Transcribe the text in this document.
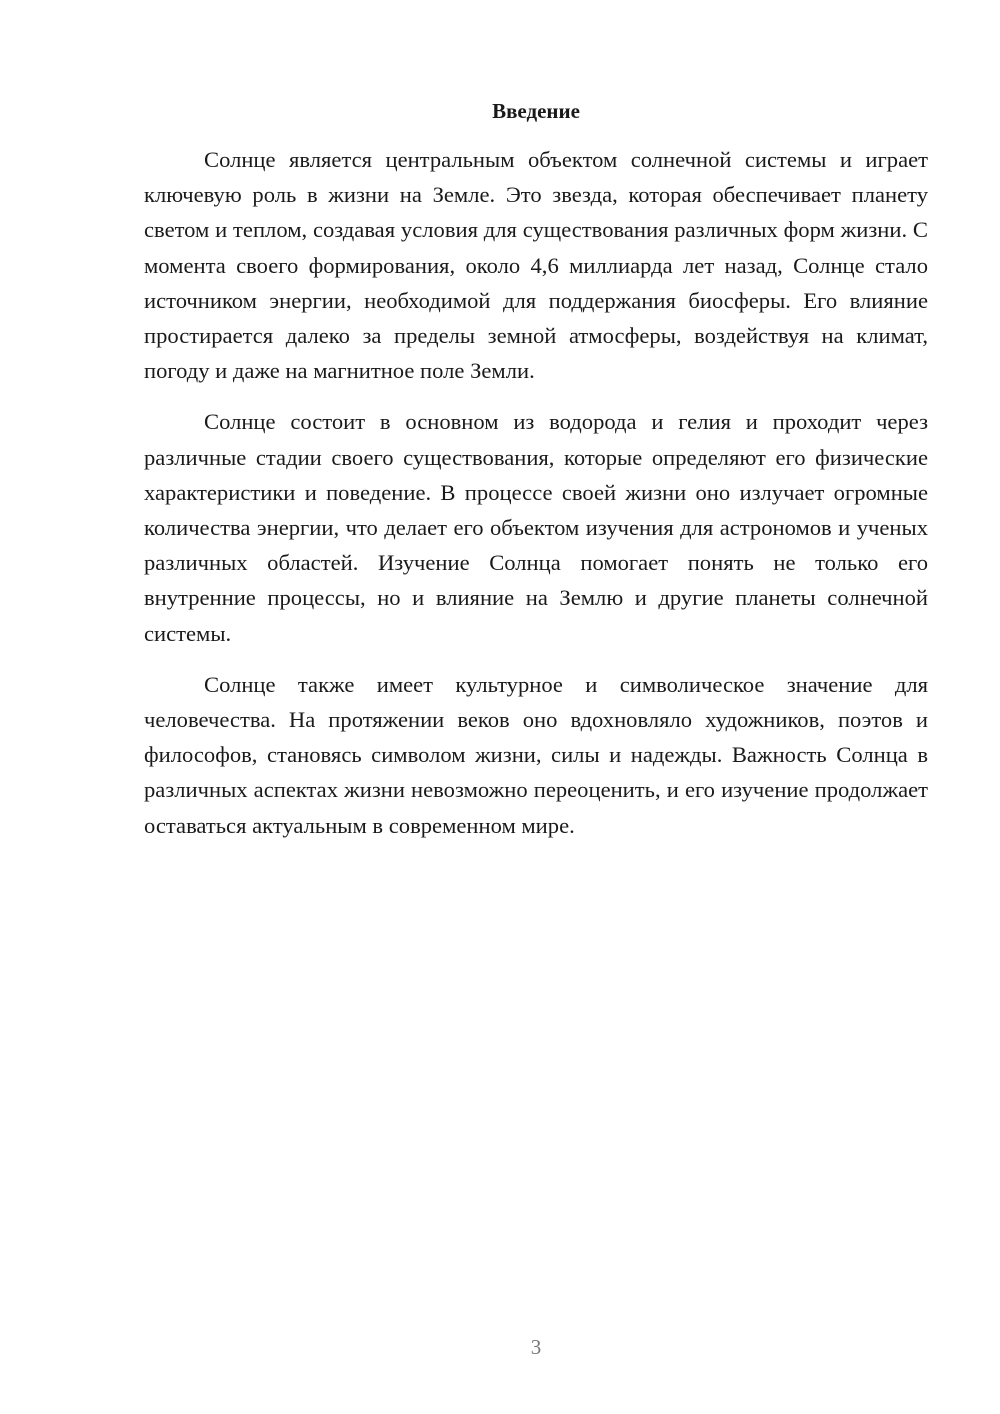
Введение

Солнце является центральным объектом солнечной системы и играет ключевую роль в жизни на Земле. Это звезда, которая обеспечивает планету светом и теплом, создавая условия для существования различных форм жизни. С момента своего формирования, около 4,6 миллиарда лет назад, Солнце стало источником энергии, необходимой для поддержания биосферы. Его влияние простирается далеко за пределы земной атмосферы, воздействуя на климат, погоду и даже на магнитное поле Земли.

Солнце состоит в основном из водорода и гелия и проходит через различные стадии своего существования, которые определяют его физические характеристики и поведение. В процессе своей жизни оно излучает огромные количества энергии, что делает его объектом изучения для астрономов и ученых различных областей. Изучение Солнца помогает понять не только его внутренние процессы, но и влияние на Землю и другие планеты солнечной системы.

Солнце также имеет культурное и символическое значение для человечества. На протяжении веков оно вдохновляло художников, поэтов и философов, становясь символом жизни, силы и надежды. Важность Солнца в различных аспектах жизни невозможно переоценить, и его изучение продолжает оставаться актуальным в современном мире.

3
